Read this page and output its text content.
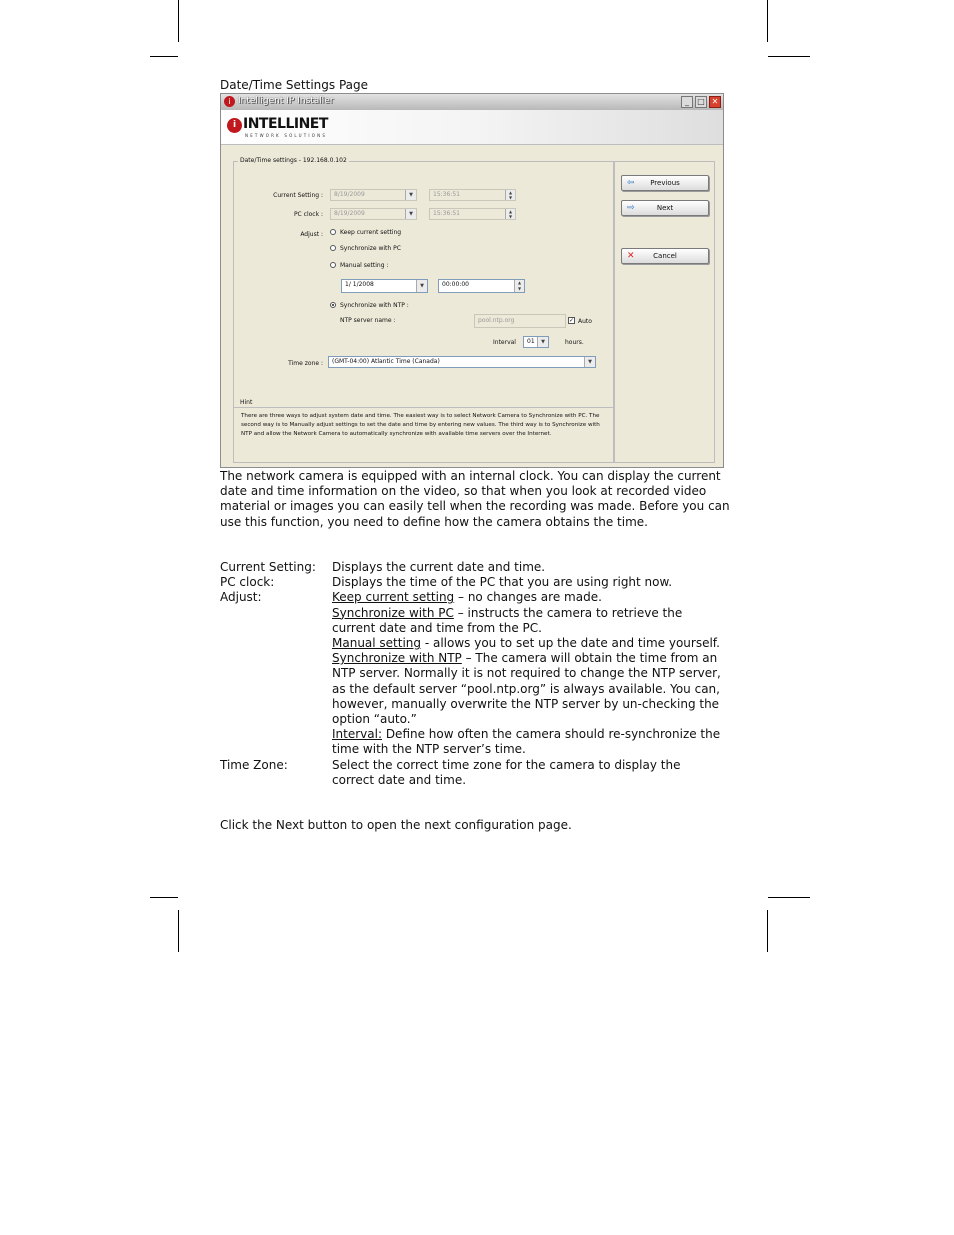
Date/Time Settings Page
i Intelligent IP Installer	_	□ ✕
i INTELLINET
NETWORK SOLUTIONS
Date/Time settings - 192.168.0.102
Current Setting :	8/19/2009	▼	15:36:51	▲
▼
PC clock :	8/19/2009	▼	15:36:51	▲
▼
Adjust :	Keep current setting
Synchronize with PC
Manual setting :
1/ 1/2008	▼	00:00:00	▲
▼
Synchronize with NTP :
NTP server name :	pool.ntp.org	✓ Auto
Interval	01	▼	hours.
Time zone :	(GMT-04:00) Atlantic Time (Canada)	▼
Hint
There are three ways to adjust system date and time. The easiest way is to select Network Camera to Synchronize with PC. The second way is to Manually adjust settings to set the date and time by entering new values. The third way is to Synchronize with NTP and allow the Network Camera to automatically synchronize with available time servers over the Internet.
⇦ Previous
⇨	Next
✕	Cancel
The network camera is equipped with an internal clock. You can display the current date and time information on the video, so that when you look at recorded video material or images you can easily tell when the recording was made. Before you can use this function, you need to define how the camera obtains the time.
Current Setting:	Displays the current date and time.
PC clock:	Displays the time of the PC that you are using right now.
Adjust:	Keep current setting – no changes are made.
Synchronize with PC – instructs the camera to retrieve the current date and time from the PC.
Manual setting - allows you to set up the date and time yourself.
Synchronize with NTP – The camera will obtain the time from an NTP server. Normally it is not required to change the NTP server, as the default server “pool.ntp.org” is always available. You can, however, manually overwrite the NTP server by un-checking the option “auto.”
Interval: Define how often the camera should re-synchronize the time with the NTP server’s time.
Time Zone:	Select the correct time zone for the camera to display the correct date and time.
Click the Next button to open the next configuration page.
